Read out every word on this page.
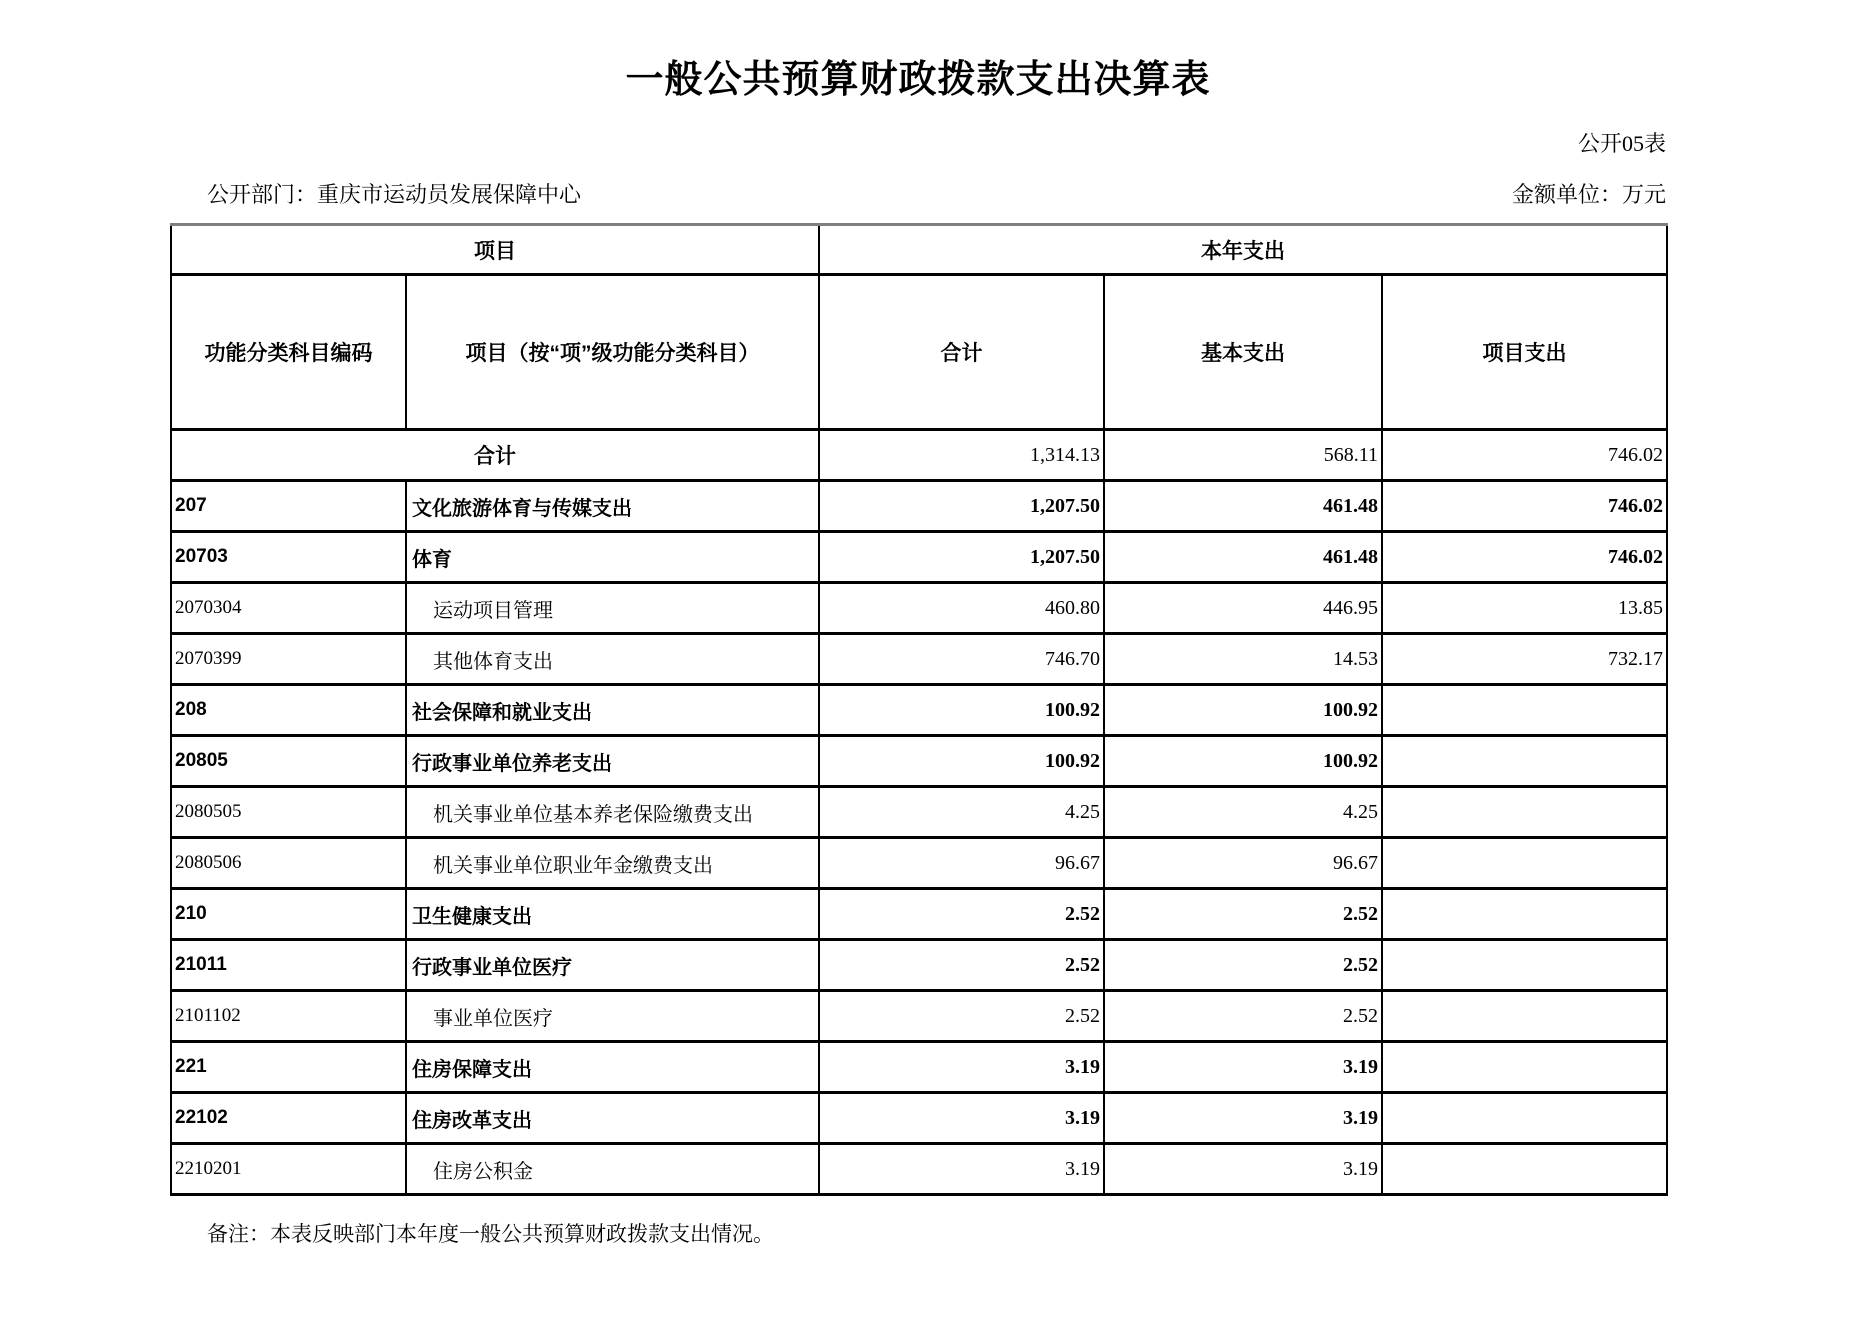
一般公共预算财政拨款支出决算表
公开05表
公开部门：重庆市运动员发展保障中心	金额单位：万元
项目		本年支出		
功能分类科目编码	项目（按“项”级功能分类科目）	合计	基本支出	项目支出
合计		1,314.13	568.11	746.02
207	文化旅游体育与传媒支出	1,207.50	461.48	746.02
20703	体育	1,207.50	461.48	746.02
2070304	运动项目管理	460.80	446.95	13.85
2070399	其他体育支出	746.70	14.53	732.17
208	社会保障和就业支出	100.92	100.92	
20805	行政事业单位养老支出	100.92	100.92	
2080505	机关事业单位基本养老保险缴费支出	4.25	4.25	
2080506	机关事业单位职业年金缴费支出	96.67	96.67	
210	卫生健康支出	2.52	2.52	
21011	行政事业单位医疗	2.52	2.52	
2101102	事业单位医疗	2.52	2.52	
221	住房保障支出	3.19	3.19	
22102	住房改革支出	3.19	3.19	
2210201	住房公积金	3.19	3.19	
备注：本表反映部门本年度一般公共预算财政拨款支出情况。
